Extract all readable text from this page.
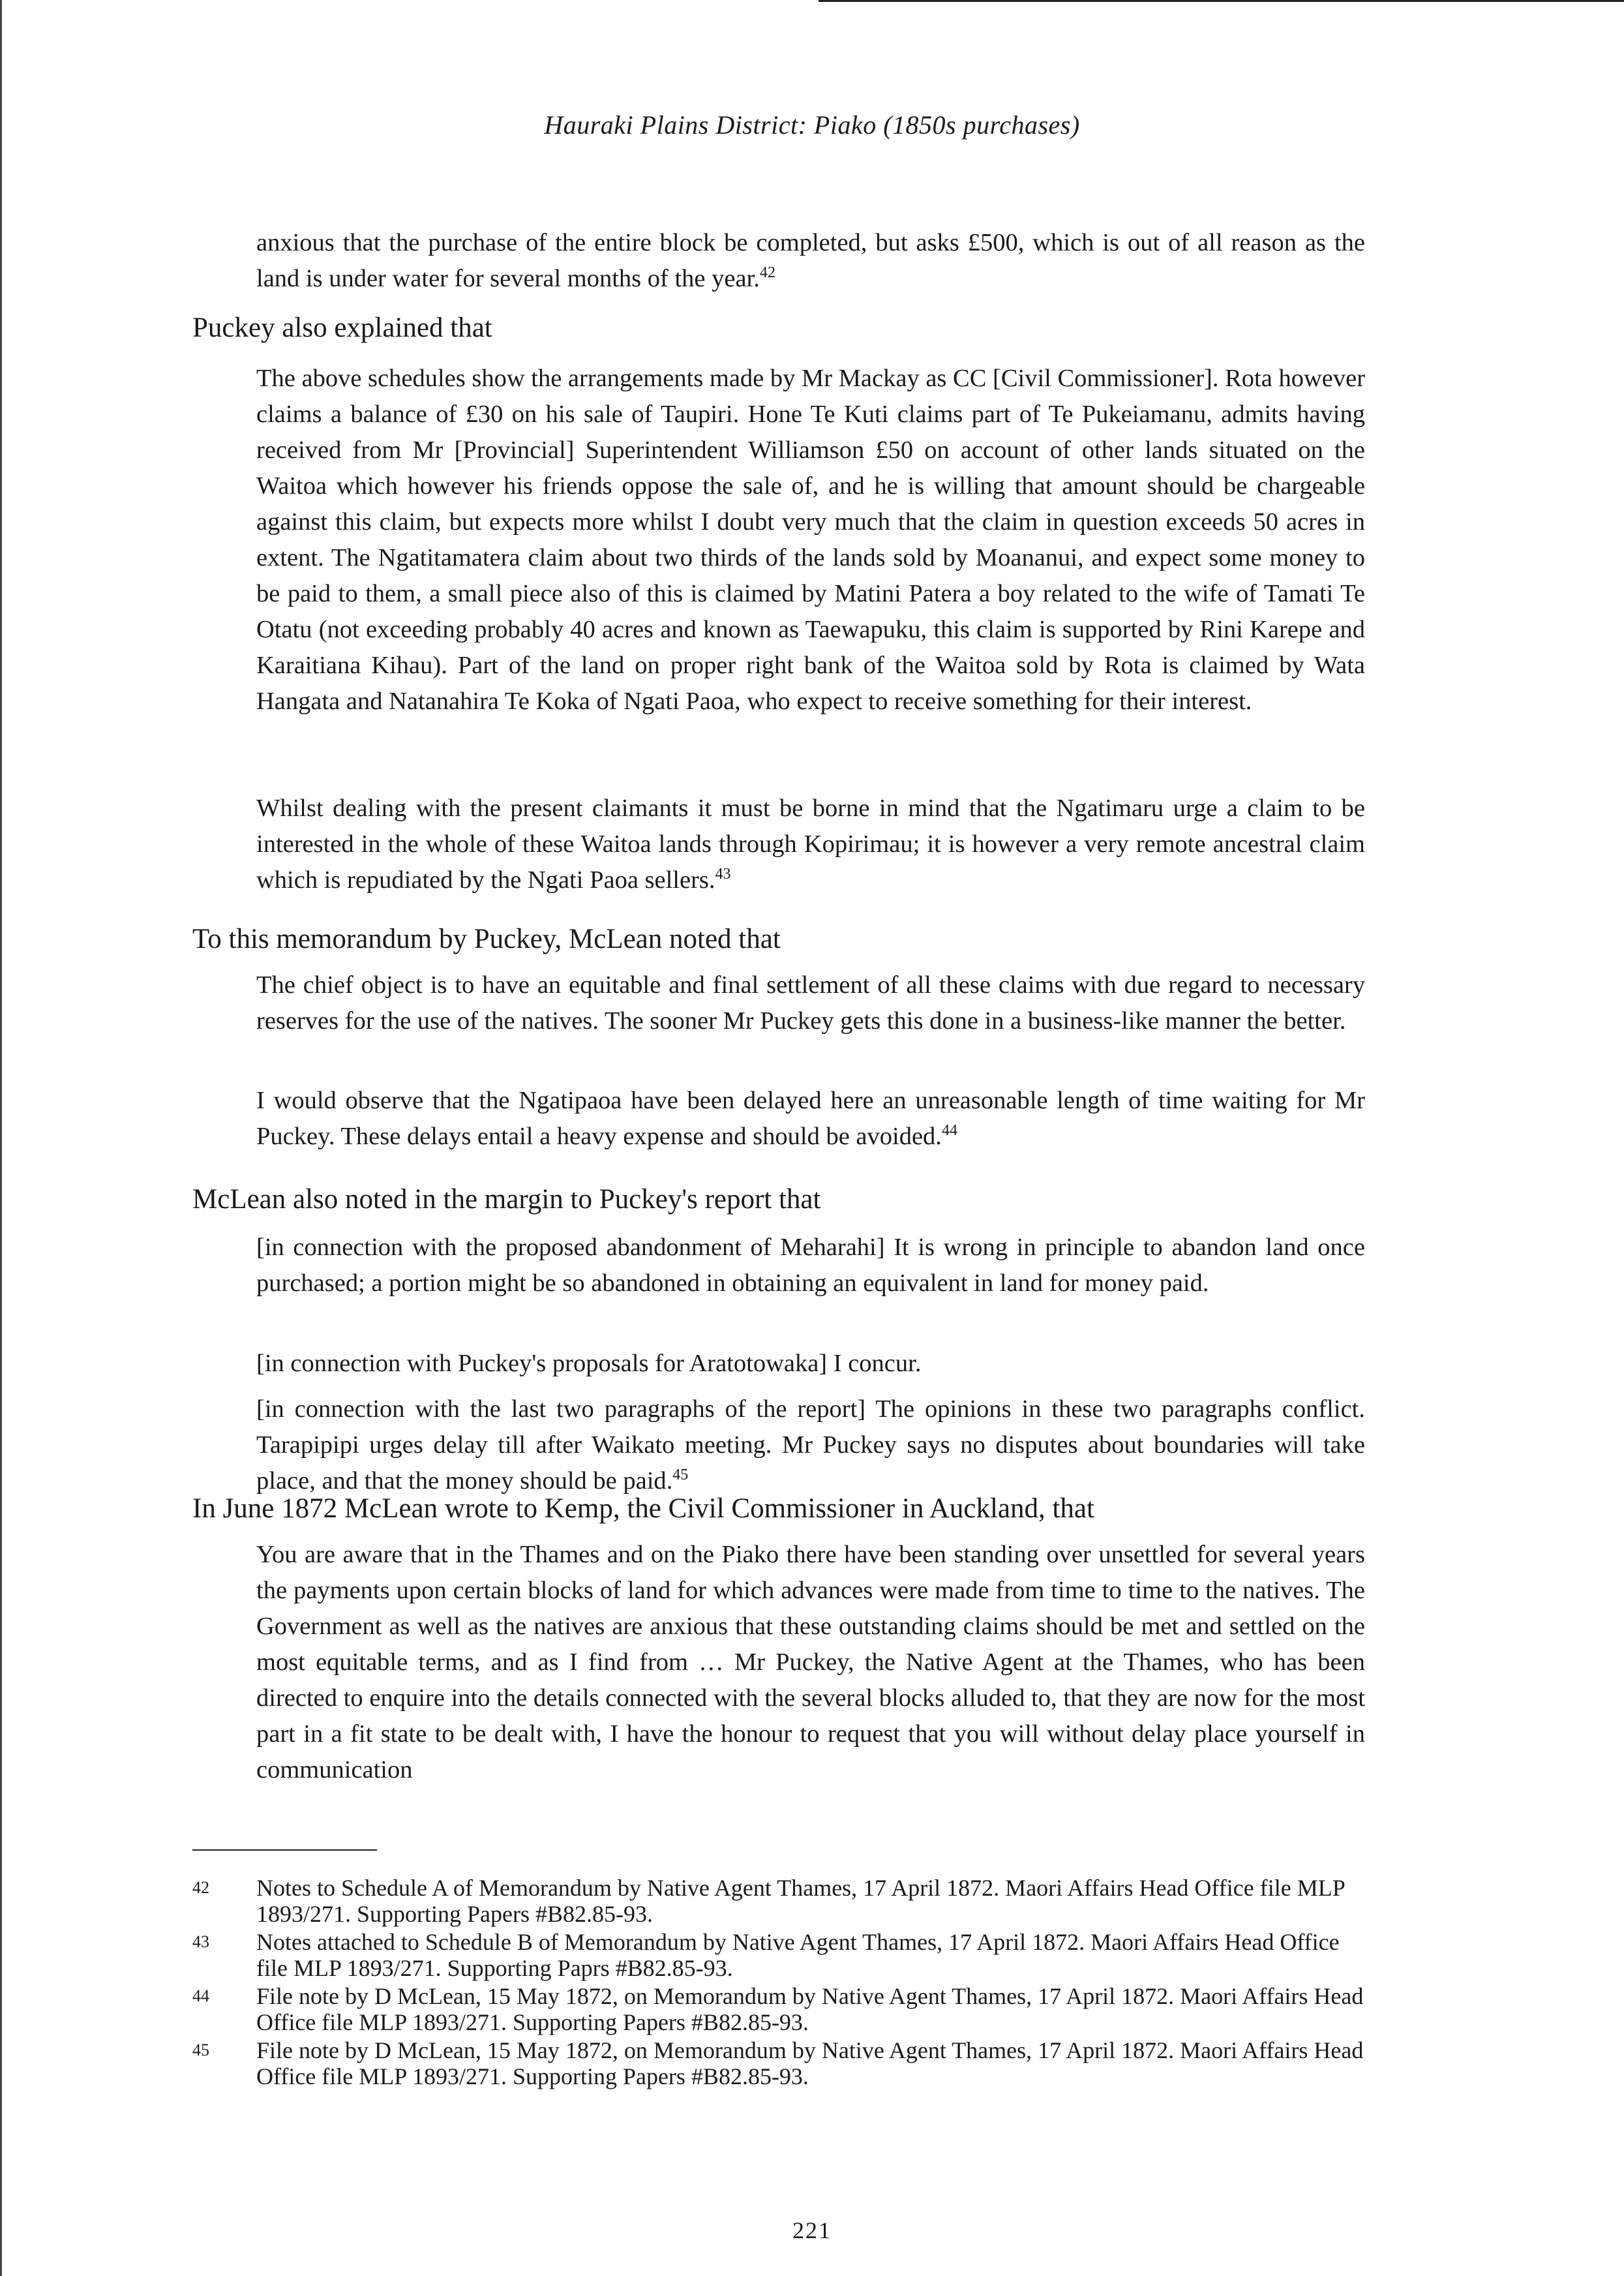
Hauraki Plains District: Piako (1850s purchases)

anxious that the purchase of the entire block be completed, but asks £500, which is out of all reason as the land is under water for several months of the year.$^{42}$

Puckey also explained that

The above schedules show the arrangements made by Mr Mackay as CC [Civil Commissioner]. Rota however claims a balance of £30 on his sale of Taupiri. Hone Te Kuti claims part of Te Pukeiamanu, admits having received from Mr [Provincial] Superintendent Williamson £50 on account of other lands situated on the Waitoa which however his friends oppose the sale of, and he is willing that amount should be chargeable against this claim, but expects more whilst I doubt very much that the claim in question exceeds 50 acres in extent. The Ngatitamatera claim about two thirds of the lands sold by Moananui, and expect some money to be paid to them, a small piece also of this is claimed by Matini Patera a boy related to the wife of Tamati Te Otatu (not exceeding probably 40 acres and known as Taewapuku, this claim is supported by Rini Karepe and Karaitiana Kihau). Part of the land on proper right bank of the Waitoa sold by Rota is claimed by Wata Hangata and Natanahira Te Koka of Ngati Paoa, who expect to receive something for their interest.

Whilst dealing with the present claimants it must be borne in mind that the Ngatimaru urge a claim to be interested in the whole of these Waitoa lands through Kopirimau; it is however a very remote ancestral claim which is repudiated by the Ngati Paoa sellers.$^{43}$

To this memorandum by Puckey, McLean noted that

The chief object is to have an equitable and final settlement of all these claims with due regard to necessary reserves for the use of the natives. The sooner Mr Puckey gets this done in a business-like manner the better.

I would observe that the Ngatipaoa have been delayed here an unreasonable length of time waiting for Mr Puckey. These delays entail a heavy expense and should be avoided.$^{44}$

McLean also noted in the margin to Puckey's report that

[in connection with the proposed abandonment of Meharahi] It is wrong in principle to abandon land once purchased; a portion might be so abandoned in obtaining an equivalent in land for money paid.

[in connection with Puckey's proposals for Aratotowaka] I concur.

[in connection with the last two paragraphs of the report] The opinions in these two paragraphs conflict. Tarapipipi urges delay till after Waikato meeting. Mr Puckey says no disputes about boundaries will take place, and that the money should be paid.$^{45}$

In June 1872 McLean wrote to Kemp, the Civil Commissioner in Auckland, that

You are aware that in the Thames and on the Piako there have been standing over unsettled for several years the payments upon certain blocks of land for which advances were made from time to time to the natives. The Government as well as the natives are anxious that these outstanding claims should be met and settled on the most equitable terms, and as I find from … Mr Puckey, the Native Agent at the Thames, who has been directed to enquire into the details connected with the several blocks alluded to, that they are now for the most part in a fit state to be dealt with, I have the honour to request that you will without delay place yourself in communication

42 Notes to Schedule A of Memorandum by Native Agent Thames, 17 April 1872. Maori Affairs Head Office file MLP 1893/271. Supporting Papers #B82.85-93.
43 Notes attached to Schedule B of Memorandum by Native Agent Thames, 17 April 1872. Maori Affairs Head Office file MLP 1893/271. Supporting Paprs #B82.85-93.
44 File note by D McLean, 15 May 1872, on Memorandum by Native Agent Thames, 17 April 1872. Maori Affairs Head Office file MLP 1893/271. Supporting Papers #B82.85-93.
45 File note by D McLean, 15 May 1872, on Memorandum by Native Agent Thames, 17 April 1872. Maori Affairs Head Office file MLP 1893/271. Supporting Papers #B82.85-93.
221
